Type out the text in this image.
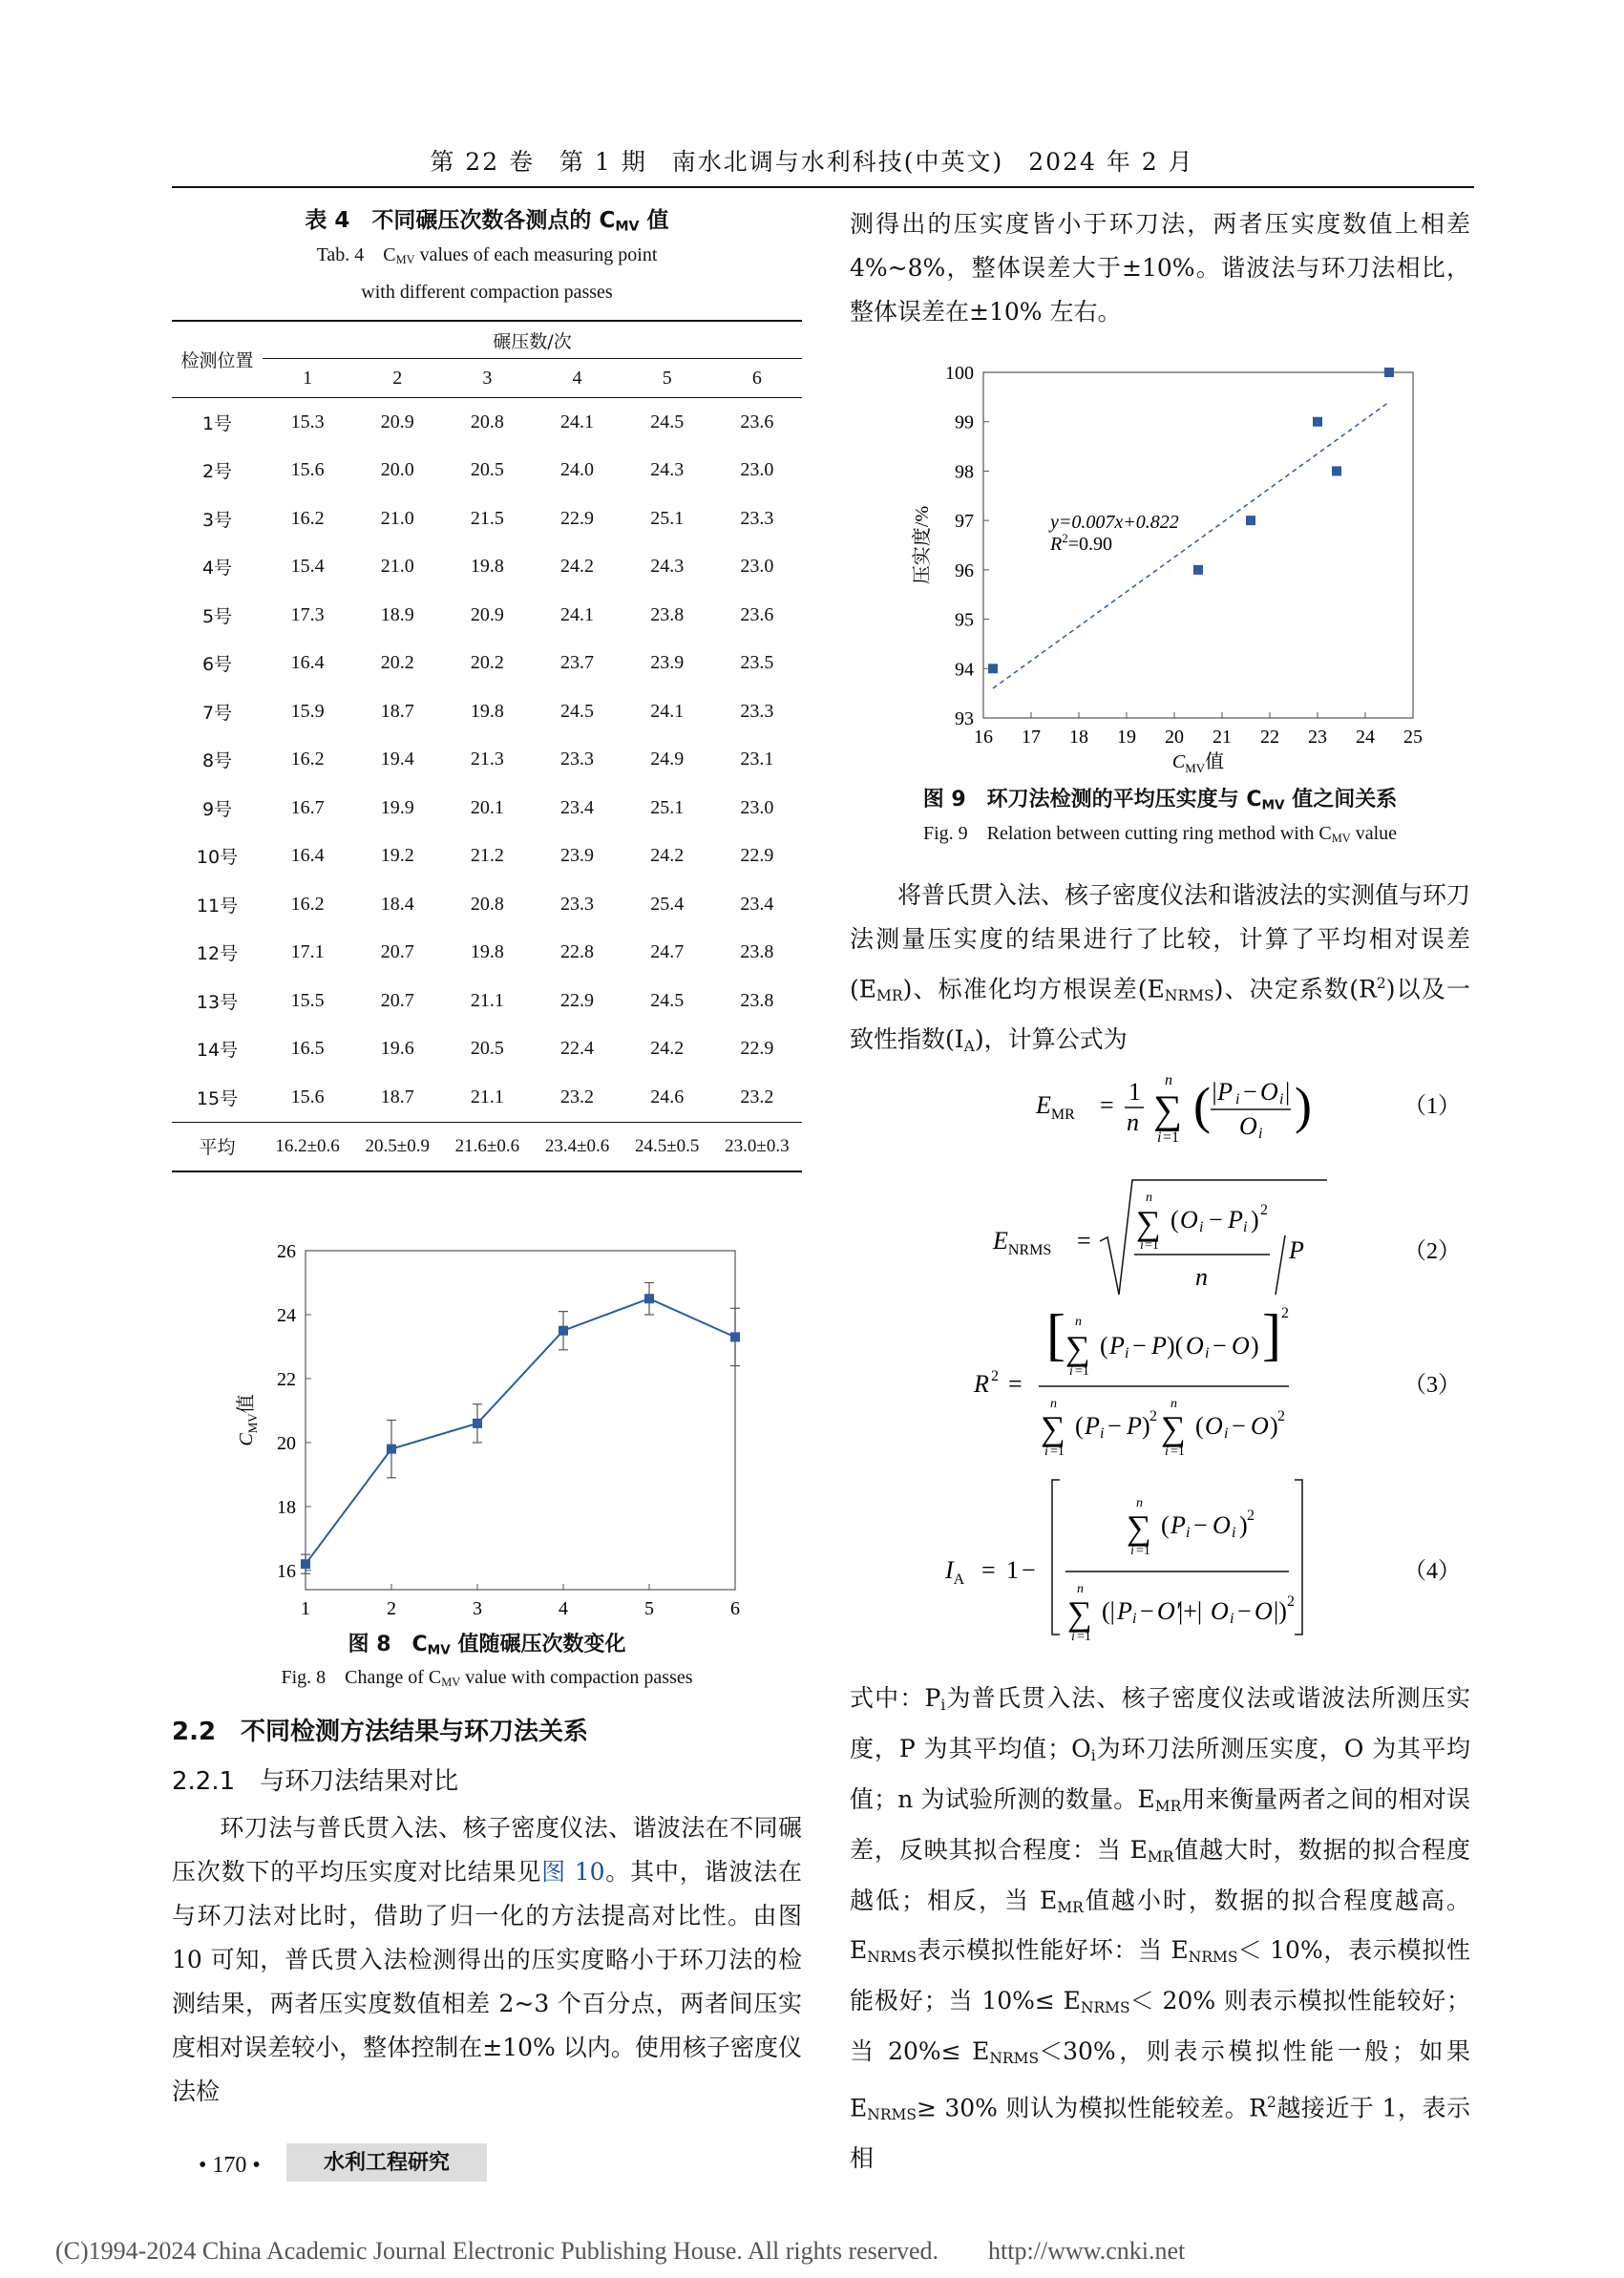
第 22 卷 第 1 期 南水北调与水利科技(中英文) 2024 年 2 月
表 4　不同碾压次数各测点的 $C_{MV}$ 值
Tab. 4　$C_{MV}$ values of each measuring point
with different compaction passes
检测位置	碾压数/次					
	1	2	3	4	5	6
1号	15.3	20.9	20.8	24.1	24.5	23.6
2号	15.6	20.0	20.5	24.0	24.3	23.0
3号	16.2	21.0	21.5	22.9	25.1	23.3
4号	15.4	21.0	19.8	24.2	24.3	23.0
5号	17.3	18.9	20.9	24.1	23.8	23.6
6号	16.4	20.2	20.2	23.7	23.9	23.5
7号	15.9	18.7	19.8	24.5	24.1	23.3
8号	16.2	19.4	21.3	23.3	24.9	23.1
9号	16.7	19.9	20.1	23.4	25.1	23.0
10号	16.4	19.2	21.2	23.9	24.2	22.9
11号	16.2	18.4	20.8	23.3	25.4	23.4
12号	17.1	20.7	19.8	22.8	24.7	23.8
13号	15.5	20.7	21.1	22.9	24.5	23.8
14号	16.5	19.6	20.5	22.4	24.2	22.9
15号	15.6	18.7	21.1	23.2	24.6	23.2
平均	16.2±0.6	20.5±0.9	21.6±0.6	23.4±0.6	24.5±0.5	23.0±0.3
16
18
20
22
24
26
1	2	3	4	5	6
$C_{MV}$值
图 8　$C_{MV}$ 值随碾压次数变化
Fig. 8　Change of $C_{MV}$ value with compaction passes
2.2　不同检测方法结果与环刀法关系
2.2.1　与环刀法结果对比
  环刀法与普氏贯入法、核子密度仪法、谐波法在不同碾压次数下的平均压实度对比结果见图 10。其中，谐波法在与环刀法对比时，借助了归一化的方法提高对比性。由图 10 可知，普氏贯入法检测得出的压实度略小于环刀法的检测结果，两者压实度数值相差 2~3 个百分点，两者间压实度相对误差较小，整体控制在±10% 以内。使用核子密度仪法检
测得出的压实度皆小于环刀法，两者压实度数值上相差 4%~8%，整体误差大于±10%。谐波法与环刀法相比，整体误差在±10% 左右。
93
94
95
96
97
98
99
100
16 17 18 19 20 21 22 23 24 25
y=0.007x+0.822
$R^2=0.90$
$C_{MV}$值
压实度/%
图 9　环刀法检测的平均压实度与 $C_{MV}$ 值之间关系
Fig. 9　Relation between cutting ring method with $C_{MV}$ value
  将普氏贯入法、核子密度仪法和谐波法的实测值与环刀法测量压实度的结果进行了比较，计算了平均相对误差$(E_{MR})$、标准化均方根误差$(E_{NRMS})$、决定系数$(R^2)$以及一致性指数$(I_A)$，计算公式为
$E_{MR} = 1$
n ∑
n
i =1
( |P i − O i |
O i )
$E_{NRMS}$ = ∑
n
i =1
( O i − P i ) 2
n
P
R 2 =
[ ∑
n
i =1
( P i − P )( O i − O ) ] 2
∑
n
i =1
( P i − P ) 2 ∑
n
i =1
( O i − O ) 2
$I_A = 1$ −
∑
n
i =1
( P i − O i ) 2
∑
n
i =1
(| P i − O′
|+| O i − O |) 2
（1）
（2）
（3）
（4）
式中：$P_i$为普氏贯入法、核子密度仪法或谐波法所测压实度，P 为其平均值；$O_i$为环刀法所测压实度，O 为其平均值；n 为试验所测的数量。$E_{MR}$用来衡量两者之间的相对误差，反映其拟合程度：当 $E_{MR}$值越大时，数据的拟合程度越低；相反，当 $E_{MR}$值越小时，数据的拟合程度越高。$E_{NRMS}$表示模拟性能好坏：当 $E_{NRMS}< 10\%$，表示模拟性能极好；当 $10\%\le E_{NRMS}< 20\%$ 则表示模拟性能较好；当 $20\%\le E_{NRMS}<30\%$，则表示模拟性能一般；如果 $E_{NRMS}\ge 30\%$ 则认为模拟性能较差。$R^2$越接近于 1，表示相
• 170 •	水利工程研究
(C)1994-2024 China Academic Journal Electronic Publishing House. All rights reserved.　　http://www.cnki.net
